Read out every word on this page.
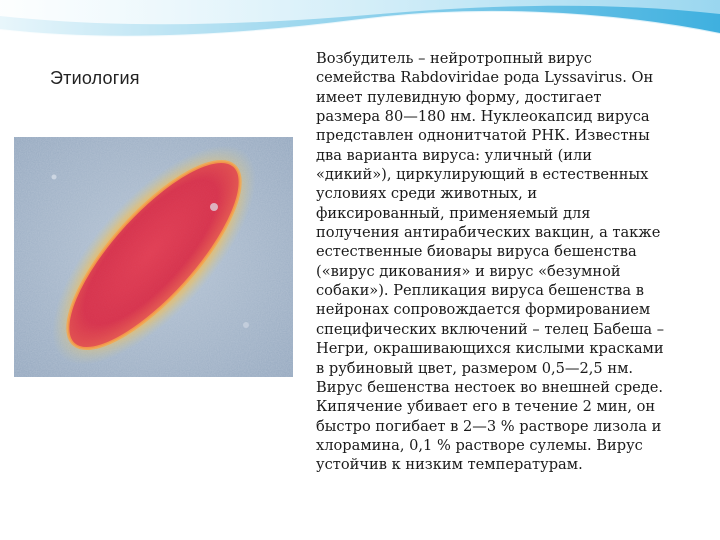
Этиология

Возбудитель – нейротропный вирус
семейства Rabdoviridae рода Lyssavirus. Он
имеет пулевидную форму, достигает
размера 80—180 нм. Нуклеокапсид вируса
представлен однонитчатой РНК. Известны
два варианта вируса: уличный (или
«дикий»), циркулирующий в естественных
условиях среди животных, и
фиксированный, применяемый для
получения антирабических вакцин, а также
естественные биовары вируса бешенства
(«вирус дикования» и вирус «безумной
собаки»). Репликация вируса бешенства в
нейронах сопровождается формированием
специфических включений – телец Бабеша –
Негри, окрашивающихся кислыми красками
в рубиновый цвет, размером 0,5—2,5 нм.
Вирус бешенства нестоек во внешней среде.
Кипячение убивает его в течение 2 мин, он
быстро погибает в 2—3 % растворе лизола и
хлорамина, 0,1 % растворе сулемы. Вирус
устойчив к низким температурам.
